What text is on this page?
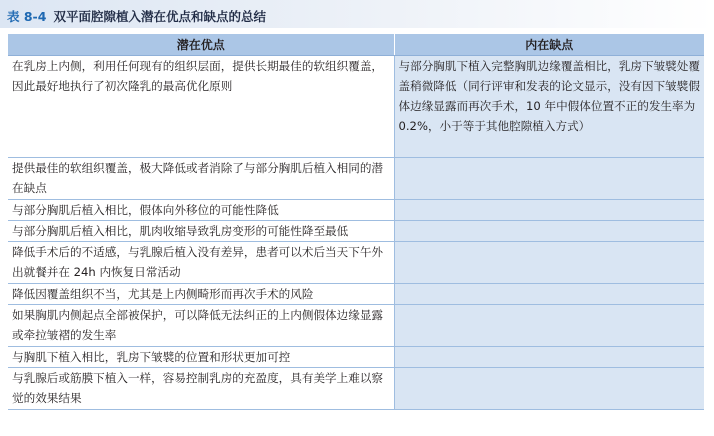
表 8-4 双平面腔隙植入潜在优点和缺点的总结
潜在优点	内在缺点
在乳房上内侧，利用任何现有的组织层面，提供长期最佳的软组织覆盖，因此最好地执行了初次隆乳的最高优化原则	与部分胸肌下植入完整胸肌边缘覆盖相比，乳房下皱襞处覆盖稍微降低（同行评审和发表的论文显示，没有因下皱襞假体边缘显露而再次手术，10 年中假体位置不正的发生率为 0.2%，小于等于其他腔隙植入方式）
提供最佳的软组织覆盖，极大降低或者消除了与部分胸肌后植入相同的潜在缺点	
与部分胸肌后植入相比，假体向外移位的可能性降低	
与部分胸肌后植入相比，肌肉收缩导致乳房变形的可能性降至最低	
降低手术后的不适感，与乳腺后植入没有差异，患者可以术后当天下午外出就餐并在 24h 内恢复日常活动	
降低因覆盖组织不当，尤其是上内侧畸形而再次手术的风险	
如果胸肌内侧起点全部被保护，可以降低无法纠正的上内侧假体边缘显露或牵拉皱褶的发生率	
与胸肌下植入相比，乳房下皱襞的位置和形状更加可控	
与乳腺后或筋膜下植入一样，容易控制乳房的充盈度，具有美学上难以察觉的效果结果	
